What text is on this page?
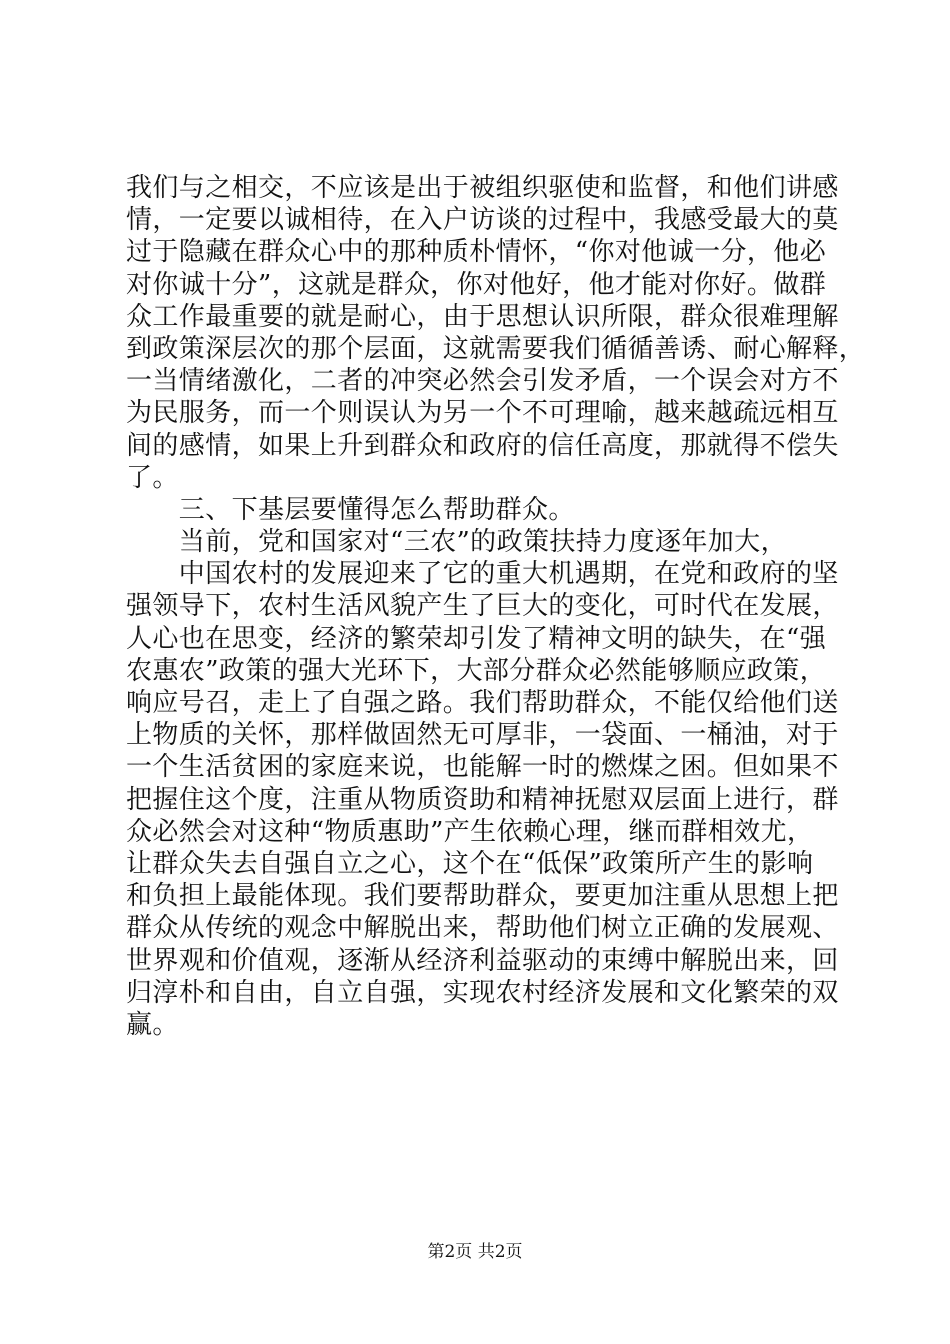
我们与之相交，不应该是出于被组织驱使和监督，和他们讲感
情，一定要以诚相待，在入户访谈的过程中，我感受最大的莫
过于隐藏在群众心中的那种质朴情怀，“你对他诚一分，他必
对你诚十分”，这就是群众，你对他好，他才能对你好。做群
众工作最重要的就是耐心，由于思想认识所限，群众很难理解
到政策深层次的那个层面，这就需要我们循循善诱、耐心解释，
一当情绪激化，二者的冲突必然会引发矛盾，一个误会对方不
为民服务，而一个则误认为另一个不可理喻，越来越疏远相互
间的感情，如果上升到群众和政府的信任高度，那就得不偿失
了。
　　三、下基层要懂得怎么帮助群众。
　　当前，党和国家对“三农”的政策扶持力度逐年加大，
　　中国农村的发展迎来了它的重大机遇期，在党和政府的坚
强领导下，农村生活风貌产生了巨大的变化，可时代在发展，
人心也在思变，经济的繁荣却引发了精神文明的缺失，在“强
农惠农”政策的强大光环下，大部分群众必然能够顺应政策，
响应号召，走上了自强之路。我们帮助群众，不能仅给他们送
上物质的关怀，那样做固然无可厚非，一袋面、一桶油，对于
一个生活贫困的家庭来说，也能解一时的燃煤之困。但如果不
把握住这个度，注重从物质资助和精神抚慰双层面上进行，群
众必然会对这种“物质惠助”产生依赖心理，继而群相效尤，
让群众失去自强自立之心，这个在“低保”政策所产生的影响
和负担上最能体现。我们要帮助群众，要更加注重从思想上把
群众从传统的观念中解脱出来，帮助他们树立正确的发展观、
世界观和价值观，逐渐从经济利益驱动的束缚中解脱出来，回
归淳朴和自由，自立自强，实现农村经济发展和文化繁荣的双
赢。
第2页 共2页
